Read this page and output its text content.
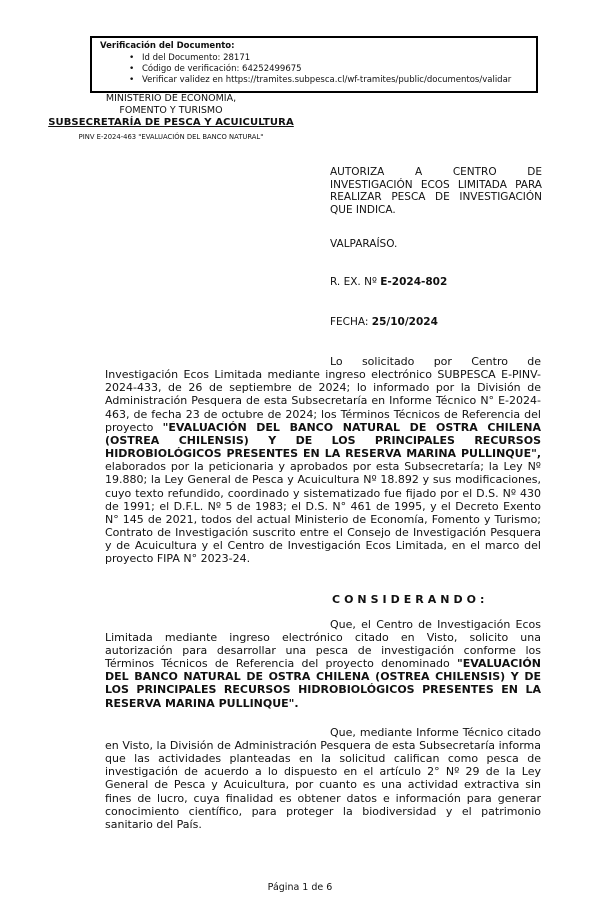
Verificación del Documento:
• Id del Documento: 28171
• Código de verificación: 64252499675
• Verificar validez en https://tramites.subpesca.cl/wf-tramites/public/documentos/validar
MINISTERIO DE ECONOMÍA,
FOMENTO Y TURISMO
SUBSECRETARÍA DE PESCA Y ACUICULTURA
PINV E-2024-463 "EVALUACIÓN DEL BANCO NATURAL"

AUTORIZA A CENTRO DE INVESTIGACIÓN ECOS LIMITADA PARA REALIZAR PESCA DE INVESTIGACIÓN QUE INDICA.

VALPARAÍSO.

R. EX. Nº E-2024-802

FECHA: 25/10/2024

Lo solicitado por Centro de Investigación Ecos Limitada mediante ingreso electrónico SUBPESCA E-PINV-2024-433, de 26 de septiembre de 2024; lo informado por la División de Administración Pesquera de esta Subsecretaría en Informe Técnico N° E-2024-463, de fecha 23 de octubre de 2024; los Términos Técnicos de Referencia del proyecto "EVALUACIÓN DEL BANCO NATURAL DE OSTRA CHILENA (OSTREA CHILENSIS) Y DE LOS PRINCIPALES RECURSOS HIDROBIOLÓGICOS PRESENTES EN LA RESERVA MARINA PULLINQUE", elaborados por la peticionaria y aprobados por esta Subsecretaría; la Ley Nº 19.880; la Ley General de Pesca y Acuicultura Nº 18.892 y sus modificaciones, cuyo texto refundido, coordinado y sistematizado fue fijado por el D.S. Nº 430 de 1991; el D.F.L. Nº 5 de 1983; el D.S. N° 461 de 1995, y el Decreto Exento N° 145 de 2021, todos del actual Ministerio de Economía, Fomento y Turismo; Contrato de Investigación suscrito entre el Consejo de Investigación Pesquera y de Acuicultura y el Centro de Investigación Ecos Limitada, en el marco del proyecto FIPA N° 2023-24.

CONSIDERANDO:

Que, el Centro de Investigación Ecos Limitada mediante ingreso electrónico citado en Visto, solicito una autorización para desarrollar una pesca de investigación conforme los Términos Técnicos de Referencia del proyecto denominado "EVALUACIÓN DEL BANCO NATURAL DE OSTRA CHILENA (OSTREA CHILENSIS) Y DE LOS PRINCIPALES RECURSOS HIDROBIOLÓGICOS PRESENTES EN LA RESERVA MARINA PULLINQUE".

Que, mediante Informe Técnico citado en Visto, la División de Administración Pesquera de esta Subsecretaría informa que las actividades planteadas en la solicitud califican como pesca de investigación de acuerdo a lo dispuesto en el artículo 2° Nº 29 de la Ley General de Pesca y Acuicultura, por cuanto es una actividad extractiva sin fines de lucro, cuya finalidad es obtener datos e información para generar conocimiento científico, para proteger la biodiversidad y el patrimonio sanitario del País.

Página 1 de 6
